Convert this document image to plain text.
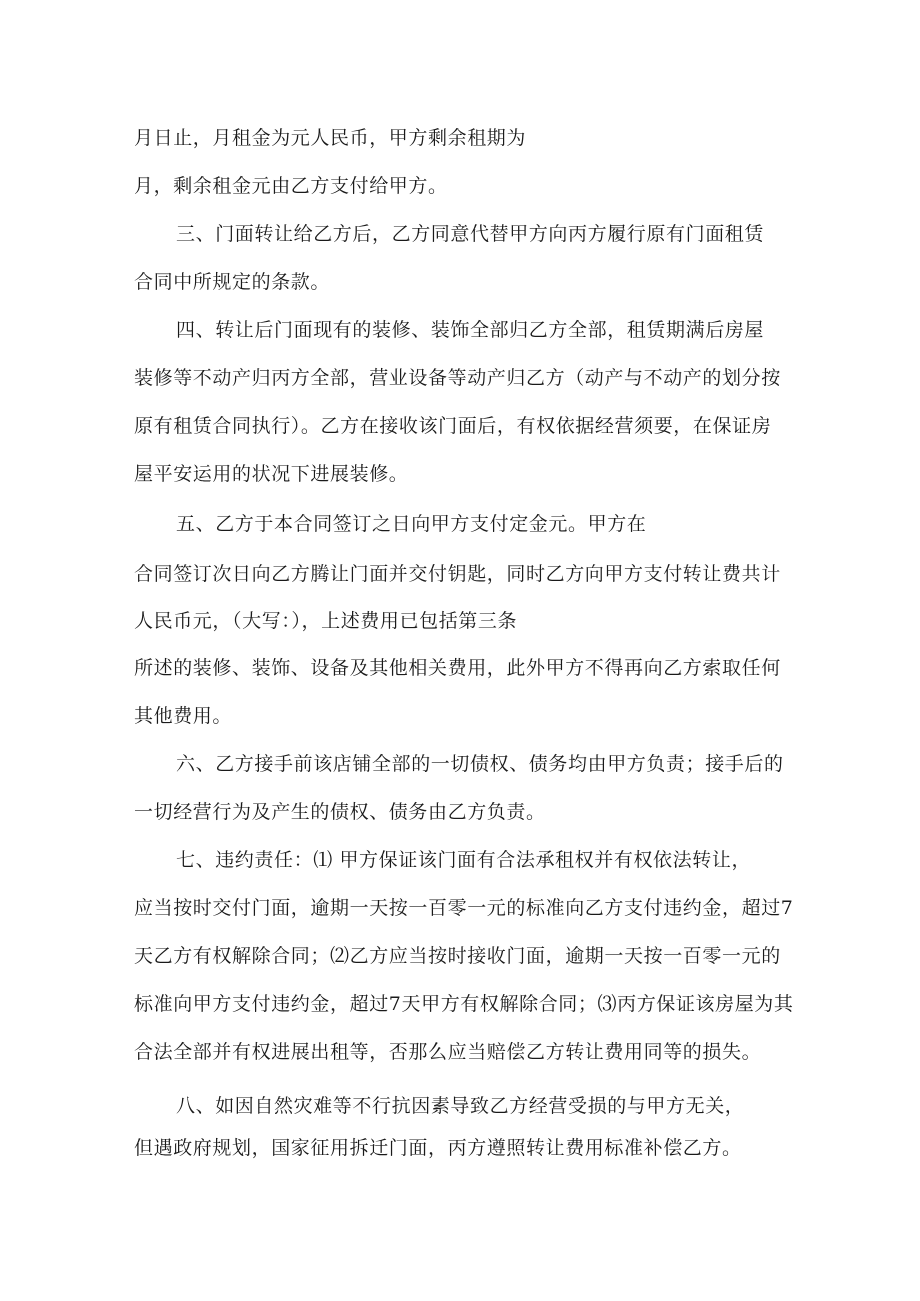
月日止，月租金为元人民币，甲方剩余租期为
月，剩余租金元由乙方支付给甲方。
三、门面转让给乙方后，乙方同意代替甲方向丙方履行原有门面租赁
合同中所规定的条款。
四、转让后门面现有的装修、装饰全部归乙方全部，租赁期满后房屋
装修等不动产归丙方全部，营业设备等动产归乙方（动产与不动产的划分按
原有租赁合同执行）。乙方在接收该门面后，有权依据经营须要，在保证房
屋平安运用的状况下进展装修。
五、乙方于本合同签订之日向甲方支付定金元。甲方在
合同签订次日向乙方腾让门面并交付钥匙，同时乙方向甲方支付转让费共计
人民币元，（大写：），上述费用已包括第三条
所述的装修、装饰、设备及其他相关费用，此外甲方不得再向乙方索取任何
其他费用。
六、乙方接手前该店铺全部的一切债权、债务均由甲方负责；接手后的
一切经营行为及产生的债权、债务由乙方负责。
七、违约责任：⑴ 甲方保证该门面有合法承租权并有权依法转让，
应当按时交付门面，逾期一天按一百零一元的标准向乙方支付违约金，超过7
天乙方有权解除合同；⑵乙方应当按时接收门面，逾期一天按一百零一元的
标准向甲方支付违约金，超过7天甲方有权解除合同；⑶丙方保证该房屋为其
合法全部并有权进展出租等，否那么应当赔偿乙方转让费用同等的损失。
八、如因自然灾难等不行抗因素导致乙方经营受损的与甲方无关，
但遇政府规划，国家征用拆迁门面，丙方遵照转让费用标准补偿乙方。
